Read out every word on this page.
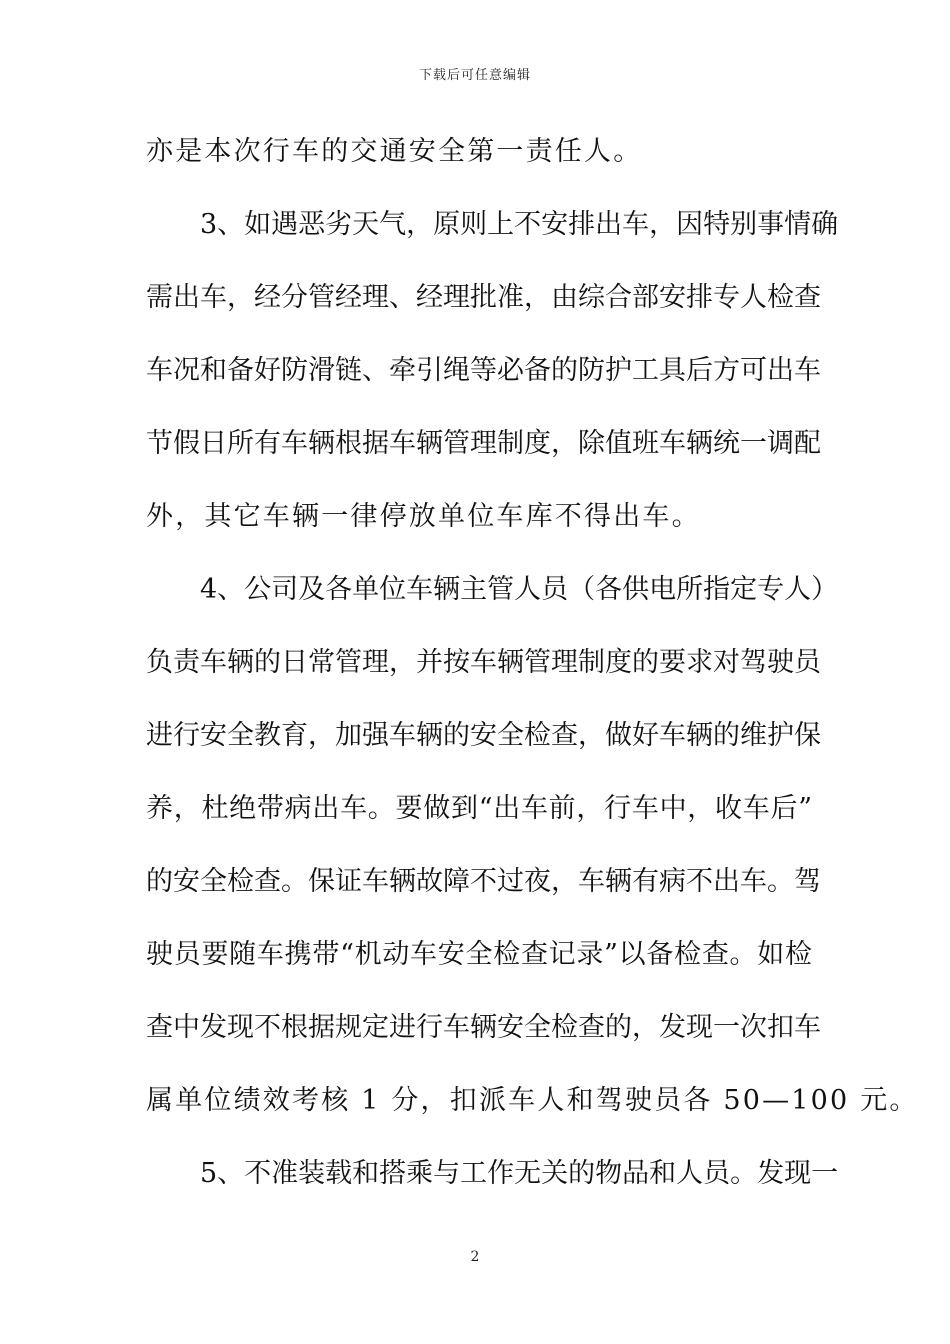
下载后可任意编辑
亦是本次行车的交通安全第一责任人。
　　3、如遇恶劣天气，原则上不安排出车，因特别事情确
需出车，经分管经理、经理批准，由综合部安排专人检查
车况和备好防滑链、牵引绳等必备的防护工具后方可出车
节假日所有车辆根据车辆管理制度，除值班车辆统一调配
外，其它车辆一律停放单位车库不得出车。
　　4、公司及各单位车辆主管人员（各供电所指定专人）
负责车辆的日常管理，并按车辆管理制度的要求对驾驶员
进行安全教育，加强车辆的安全检查，做好车辆的维护保
养，杜绝带病出车。要做到“出车前，行车中，收车后”
的安全检查。保证车辆故障不过夜，车辆有病不出车。驾
驶员要随车携带“机动车安全检查记录”以备检查。如检
查中发现不根据规定进行车辆安全检查的，发现一次扣车
属单位绩效考核 1 分，扣派车人和驾驶员各 50—100 元。
　　5、不准装载和搭乘与工作无关的物品和人员。发现一
2
